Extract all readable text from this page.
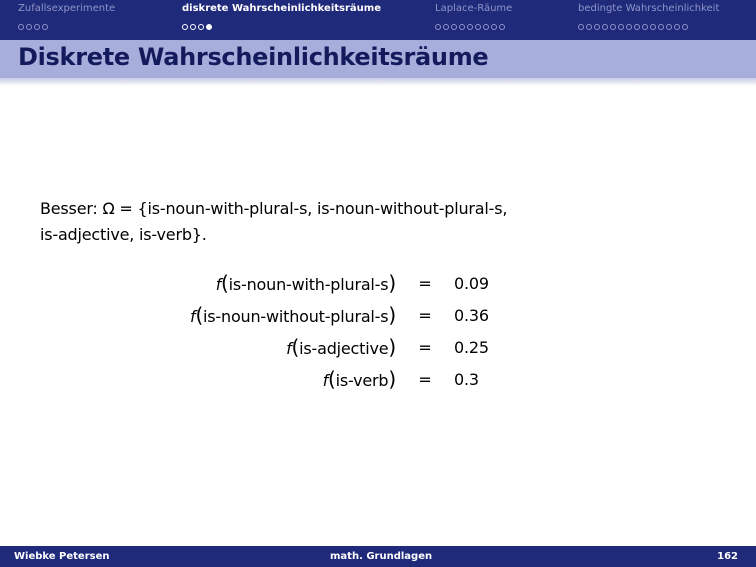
Zufallsexperimente	diskrete Wahrscheinlichkeitsräume	Laplace-Räume	bedingte Wahrscheinlichkeit
Diskrete Wahrscheinlichkeitsräume
Besser: Ω = {is-noun-with-plural-s, is-noun-without-plural-s,
is-adjective, is-verb}.
f(is-noun-with-plural-s)	=	0.09
f(is-noun-without-plural-s)	=	0.36
f(is-adjective)	=	0.25
f(is-verb)	=	0.3
Wiebke Petersen	math. Grundlagen	162
